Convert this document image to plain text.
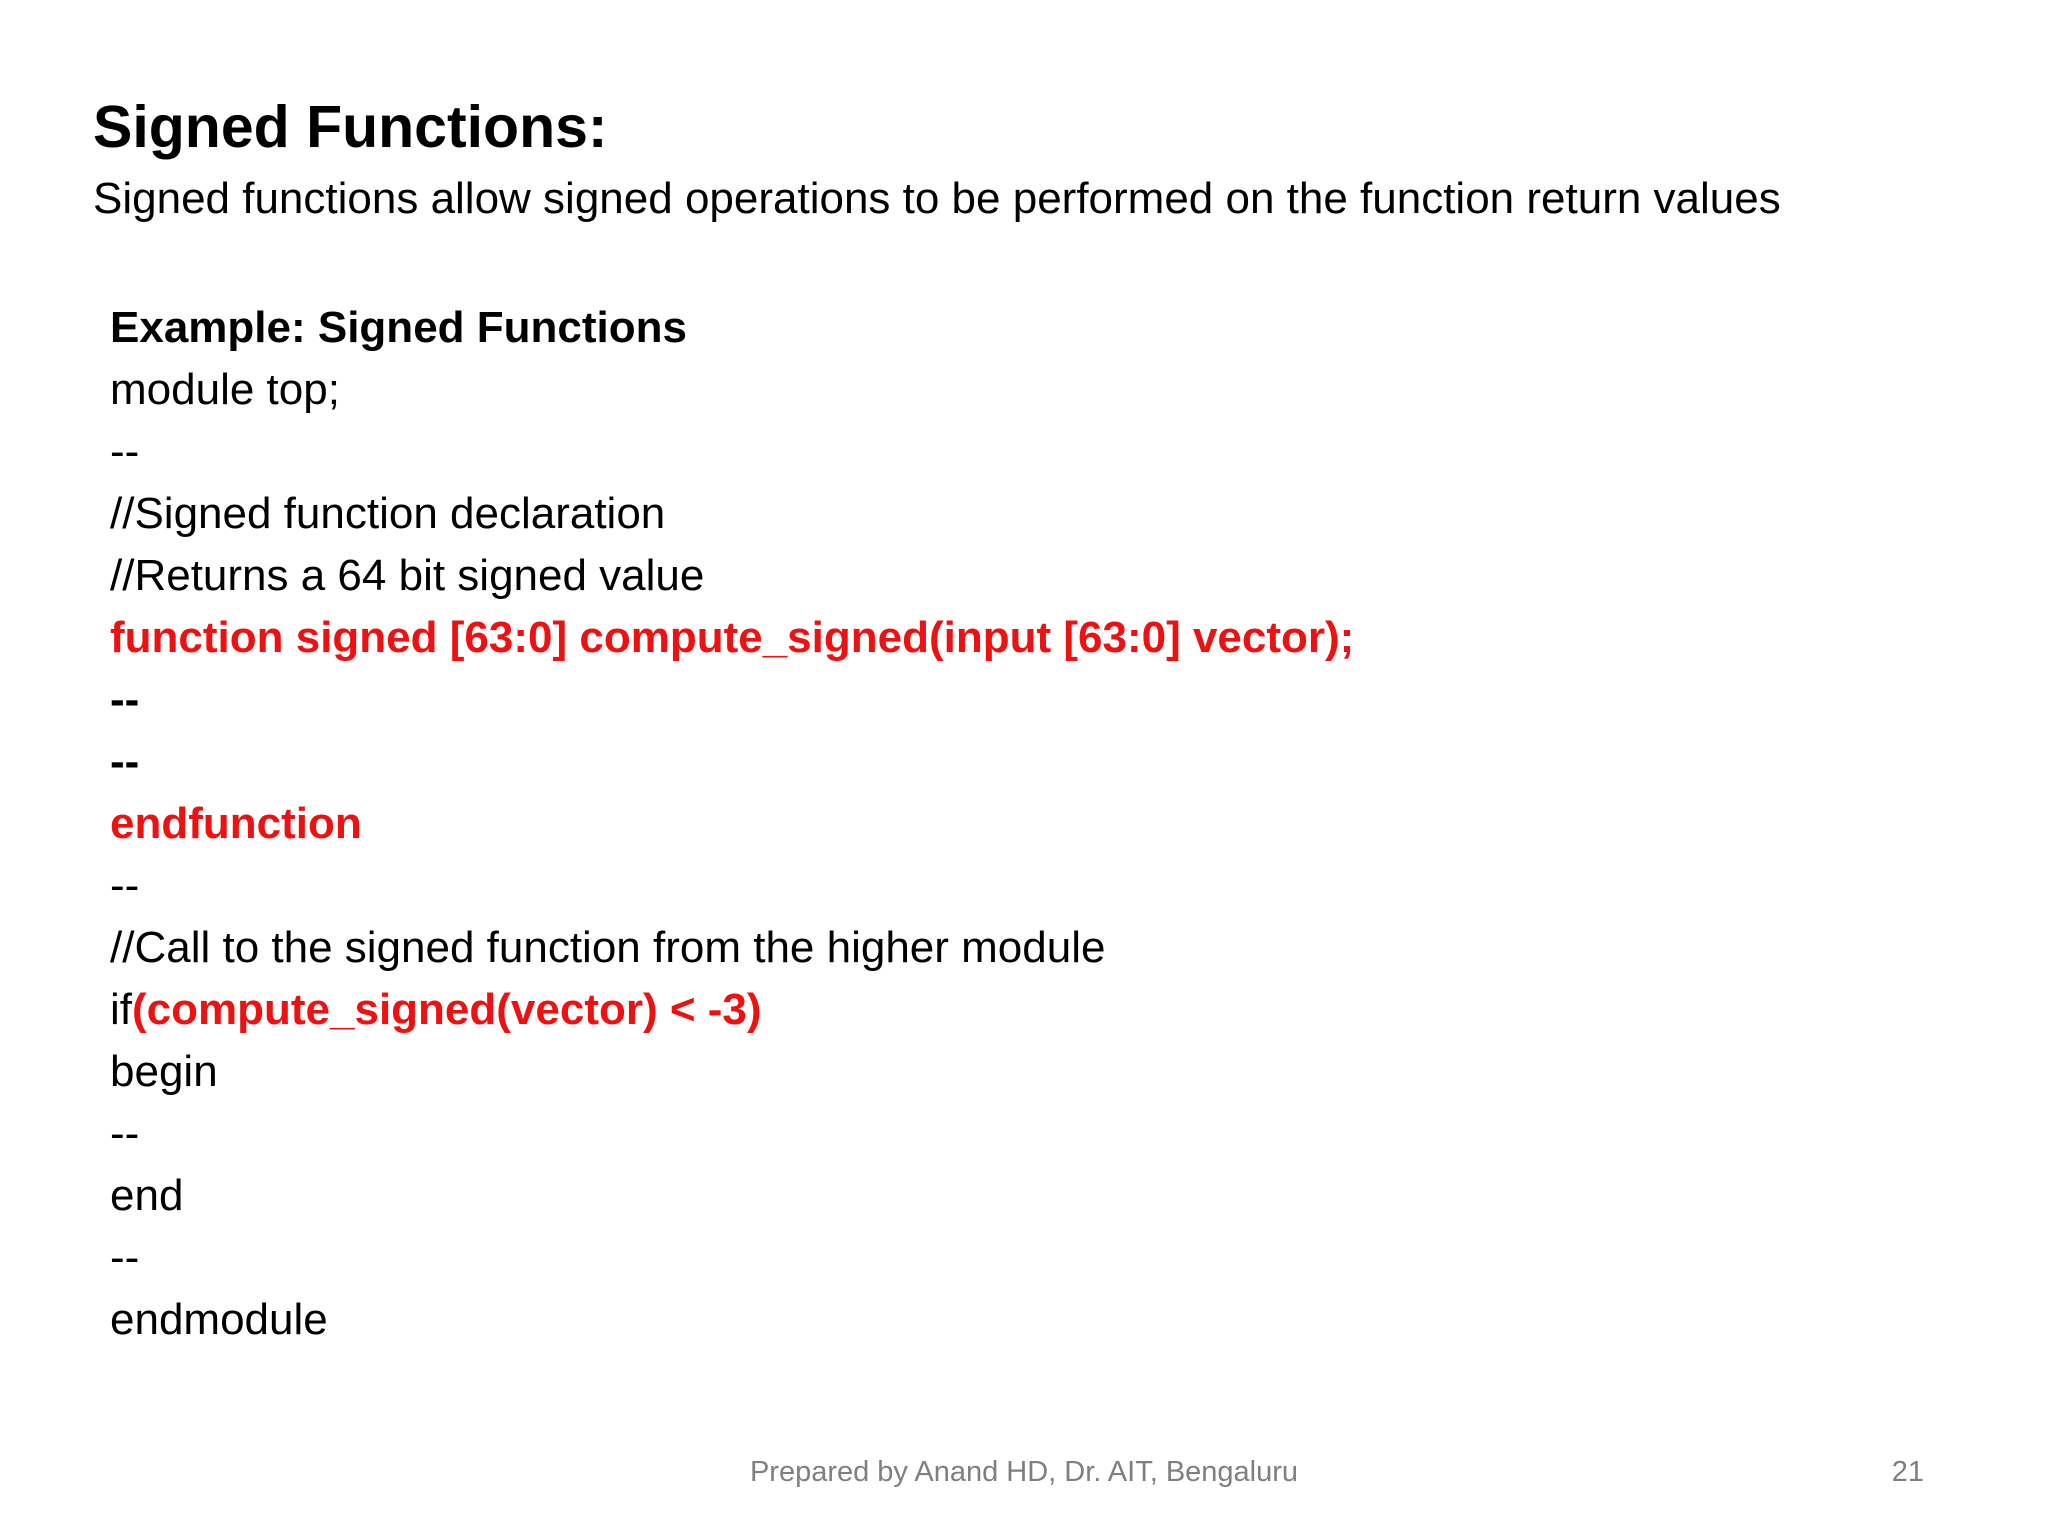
Signed Functions:
Signed functions allow signed operations to be performed on the function return values
Example: Signed Functions
module top;
--
//Signed function declaration
//Returns a 64 bit signed value
function signed [63:0] compute_signed(input [63:0] vector);
--
--
endfunction
--
//Call to the signed function from the higher module
if(compute_signed(vector) < -3)
begin
--
end
--
endmodule
Prepared by Anand HD, Dr. AIT, Bengaluru	21
